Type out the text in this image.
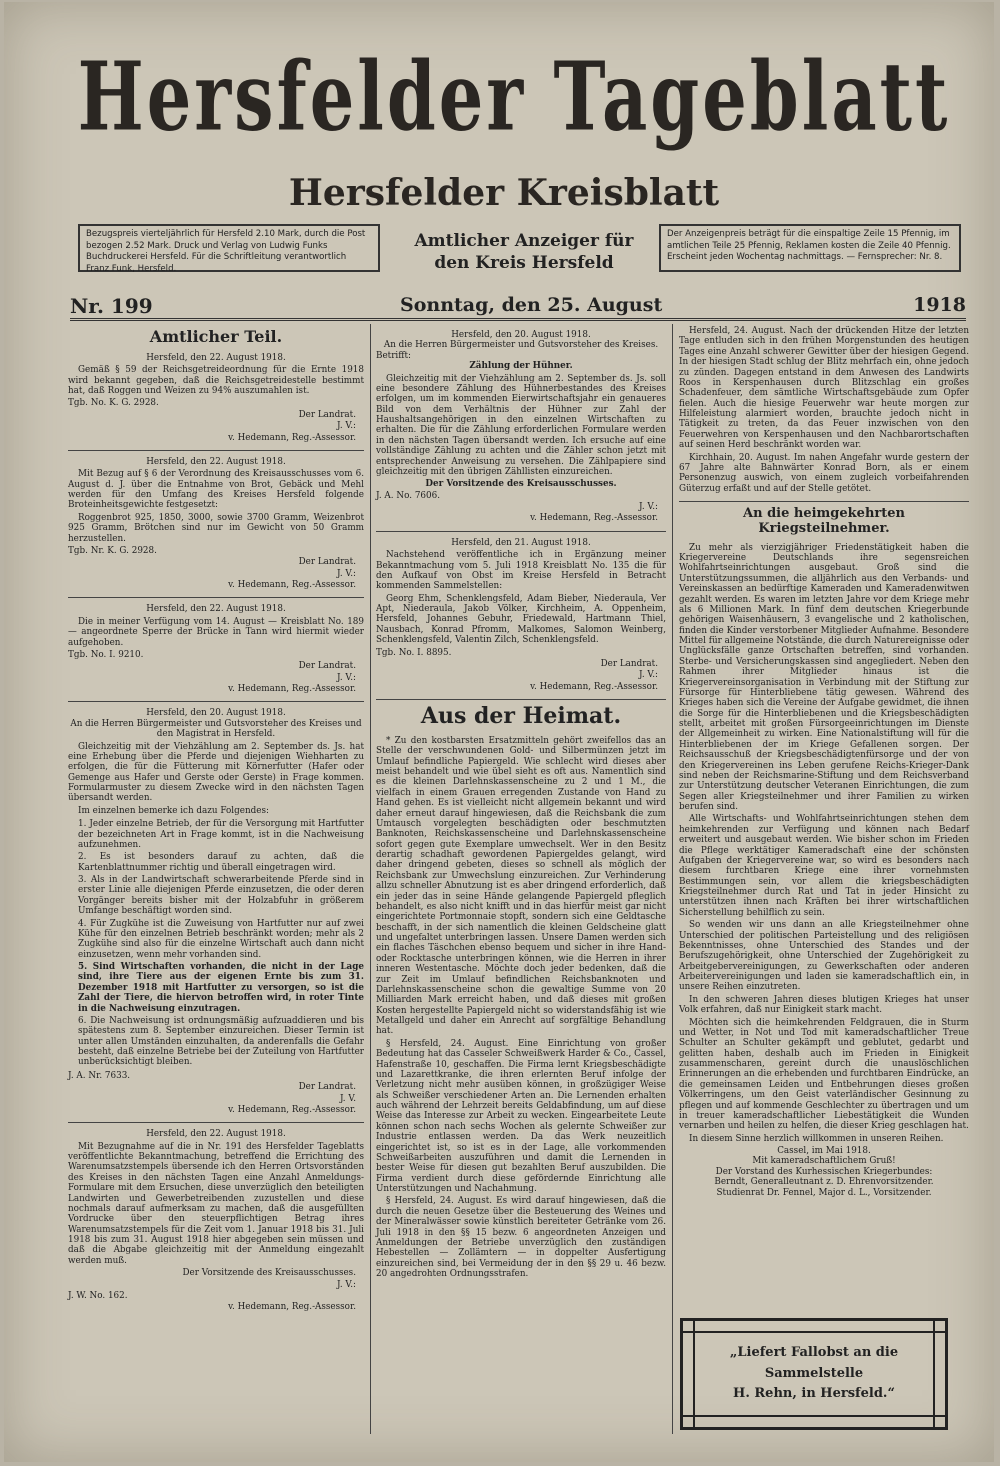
Hersfelder Tageblatt
Hersfelder Kreisblatt
Bezugspreis vierteljährlich für Hersfeld 2.10 Mark, durch die Post bezogen 2.52 Mark. Druck und Verlag von Ludwig Funks Buchdruckerei Hersfeld. Für die Schriftleitung verantwortlich Franz Funk, Hersfeld.
Amtlicher Anzeiger für den Kreis Hersfeld
Der Anzeigenpreis beträgt für die einspaltige Zeile 15 Pfennig, im amtlichen Teile 25 Pfennig, Reklamen kosten die Zeile 40 Pfennig. Erscheint jeden Wochentag nachmittags. — Fernsprecher: Nr. 8.
Nr. 199	Sonntag, den 25. August	1918
Amtlicher Teil.
Hersfeld, den 22. August 1918.
Gemäß § 59 der Reichsgetreideordnung für die Ernte 1918 wird bekannt gegeben, daß die Reichsgetreidestelle bestimmt hat, daß Roggen und Weizen zu 94% auszumahlen ist.
Tgb. No. K. G. 2928.
Der Landrat.
J. V.:
v. Hedemann, Reg.-Assessor.
Hersfeld, den 22. August 1918.
Mit Bezug auf § 6 der Verordnung des Kreisausschusses vom 6. August d. J. über die Entnahme von Brot, Gebäck und Mehl werden für den Umfang des Kreises Hersfeld folgende Broteinheitsgewichte festgesetzt:
Roggenbrot 925, 1850, 3000, sowie 3700 Gramm, Weizenbrot 925 Gramm, Brötchen sind nur im Gewicht von 50 Gramm herzustellen.
Tgb. Nr. K. G. 2928.
Der Landrat.
J. V.:
v. Hedemann, Reg.-Assessor.
Hersfeld, den 22. August 1918.
Die in meiner Verfügung vom 14. August — Kreisblatt No. 189 — angeordnete Sperre der Brücke in Tann wird hiermit wieder aufgehoben.
Tgb. No. I. 9210.
Der Landrat.
J. V.:
v. Hedemann, Reg.-Assessor.
Hersfeld, den 20. August 1918.
An die Herren Bürgermeister und Gutsvorsteher des Kreises und den Magistrat in Hersfeld.
Gleichzeitig mit der Viehzählung am 2. September ds. Js. hat eine Erhebung über die Pferde und diejenigen Wiehharten zu erfolgen, die für die Fütterung mit Körnerfutter (Hafer oder Gemenge aus Hafer und Gerste oder Gerste) in Frage kommen. Formularmuster zu diesem Zwecke wird in den nächsten Tagen übersandt werden.
Im einzelnen bemerke ich dazu Folgendes:
1. Jeder einzelne Betrieb, der für die Versorgung mit Hartfutter der bezeichneten Art in Frage kommt, ist in die Nachweisung aufzunehmen.
2. Es ist besonders darauf zu achten, daß die Kartenblattnummer richtig und überall eingetragen wird.
3. Als in der Landwirtschaft schwerarbeitende Pferde sind in erster Linie alle diejenigen Pferde einzusetzen, die oder deren Vorgänger bereits bisher mit der Holzabfuhr in größerem Umfange beschäftigt worden sind.
4. Für Zugkühe ist die Zuweisung von Hartfutter nur auf zwei Kühe für den einzelnen Betrieb beschränkt worden; mehr als 2 Zugkühe sind also für die einzelne Wirtschaft auch dann nicht einzusetzen, wenn mehr vorhanden sind.
5. Sind Wirtschaften vorhanden, die nicht in der Lage sind, ihre Tiere aus der eigenen Ernte bis zum 31. Dezember 1918 mit Hartfutter zu versorgen, so ist die Zahl der Tiere, die hiervon betroffen wird, in roter Tinte in die Nachweisung einzutragen.
6. Die Nachweisung ist ordnungsmäßig aufzuaddieren und bis spätestens zum 8. September einzureichen. Dieser Termin ist unter allen Umständen einzuhalten, da anderenfalls die Gefahr besteht, daß einzelne Betriebe bei der Zuteilung von Hartfutter unberücksichtigt bleiben.
J. A. Nr. 7633.
Der Landrat.
J. V.
v. Hedemann, Reg.-Assessor.
Hersfeld, den 22. August 1918.
Mit Bezugnahme auf die in Nr. 191 des Hersfelder Tageblatts veröffentlichte Bekanntmachung, betreffend die Errichtung des Warenumsatzstempels übersende ich den Herren Ortsvorständen des Kreises in den nächsten Tagen eine Anzahl Anmeldungs-Formulare mit dem Ersuchen, diese unverzüglich den beteiligten Landwirten und Gewerbetreibenden zuzustellen und diese nochmals darauf aufmerksam zu machen, daß die ausgefüllten Vordrucke über den steuerpflichtigen Betrag ihres Warenumsatzstempels für die Zeit vom 1. Januar 1918 bis 31. Juli 1918 bis zum 31. August 1918 hier abgegeben sein müssen und daß die Abgabe gleichzeitig mit der Anmeldung eingezahlt werden muß.
Der Vorsitzende des Kreisausschusses.
J. V.:
J. W. No. 162.
v. Hedemann, Reg.-Assessor.
Hersfeld, den 20. August 1918.
An die Herren Bürgermeister und Gutsvorsteher des Kreises.
Betrifft:
Zählung der Hühner.
Gleichzeitig mit der Viehzählung am 2. September ds. Js. soll eine besondere Zählung des Hühnerbestandes des Kreises erfolgen, um im kommenden Eierwirtschaftsjahr ein genaueres Bild von dem Verhältnis der Hühner zur Zahl der Haushaltsangehörigen in den einzelnen Wirtschaften zu erhalten. Die für die Zählung erforderlichen Formulare werden in den nächsten Tagen übersandt werden. Ich ersuche auf eine vollständige Zählung zu achten und die Zähler schon jetzt mit entsprechender Anweisung zu versehen. Die Zählpapiere sind gleichzeitig mit den übrigen Zähllisten einzureichen.
Der Vorsitzende des Kreisausschusses.
J. A. No. 7606.
J. V.:
v. Hedemann, Reg.-Assessor.
Hersfeld, den 21. August 1918.
Nachstehend veröffentliche ich in Ergänzung meiner Bekanntmachung vom 5. Juli 1918 Kreisblatt No. 135 die für den Aufkauf von Obst im Kreise Hersfeld in Betracht kommenden Sammelstellen:
Georg Ehm, Schenklengsfeld, Adam Bieber, Niederaula, Ver Apt, Niederaula, Jakob Völker, Kirchheim, A. Oppenheim, Hersfeld, Johannes Gebuhr, Friedewald, Hartmann Thiel, Nausbach, Konrad Pfromm, Malkomes, Salomon Weinberg, Schenklengsfeld, Valentin Zilch, Schenklengsfeld.
Tgb. No. I. 8895.
Der Landrat.
J. V.:
v. Hedemann, Reg.-Assessor.
Aus der Heimat.
* Zu den kostbarsten Ersatzmitteln gehört zweifellos das an Stelle der verschwundenen Gold- und Silbermünzen jetzt im Umlauf befindliche Papiergeld. Wie schlecht wird dieses aber meist behandelt und wie übel sieht es oft aus. Namentlich sind es die kleinen Darlehnskassenscheine zu 2 und 1 M., die vielfach in einem Grauen erregenden Zustande von Hand zu Hand gehen. Es ist vielleicht nicht allgemein bekannt und wird daher erneut darauf hingewiesen, daß die Reichsbank die zum Umtausch vorgelegten beschädigten oder beschmutzten Banknoten, Reichskassenscheine und Darlehnskassenscheine sofort gegen gute Exemplare umwechselt. Wer in den Besitz derartig schadhaft gewordenen Papiergeldes gelangt, wird daher dringend gebeten, dieses so schnell als möglich der Reichsbank zur Umwechslung einzureichen. Zur Verhinderung allzu schneller Abnutzung ist es aber dringend erforderlich, daß ein jeder das in seine Hände gelangende Papiergeld pfleglich behandelt, es also nicht knifft und in das hierfür meist gar nicht eingerichtete Portmonnaie stopft, sondern sich eine Geldtasche beschafft, in der sich namentlich die kleinen Geldscheine glatt und ungefaltet unterbringen lassen. Unsere Damen werden sich ein flaches Täschchen ebenso bequem und sicher in ihre Hand- oder Rocktasche unterbringen können, wie die Herren in ihrer inneren Westentasche. Möchte doch jeder bedenken, daß die zur Zeit im Umlauf befindlichen Reichsbanknoten und Darlehnskassenscheine schon die gewaltige Summe von 20 Milliarden Mark erreicht haben, und daß dieses mit großen Kosten hergestellte Papiergeld nicht so widerstandsfähig ist wie Metallgeld und daher ein Anrecht auf sorgfältige Behandlung hat.
§ Hersfeld, 24. August. Eine Einrichtung von großer Bedeutung hat das Casseler Schweißwerk Harder & Co., Cassel, Hafenstraße 10, geschaffen. Die Firma lernt Kriegsbeschädigte und Lazarettkranke, die ihren erlernten Beruf infolge der Verletzung nicht mehr ausüben können, in großzügiger Weise als Schweißer verschiedener Arten an. Die Lernenden erhalten auch während der Lehrzeit bereits Geldabfindung, um auf diese Weise das Interesse zur Arbeit zu wecken. Eingearbeitete Leute können schon nach sechs Wochen als gelernte Schweißer zur Industrie entlassen werden. Da das Werk neuzeitlich eingerichtet ist, so ist es in der Lage, alle vorkommenden Schweißarbeiten auszuführen und damit die Lernenden in bester Weise für diesen gut bezahlten Beruf auszubilden. Die Firma verdient durch diese gefördernde Einrichtung alle Unterstützungen und Nachahmung.
§ Hersfeld, 24. August. Es wird darauf hingewiesen, daß die durch die neuen Gesetze über die Besteuerung des Weines und der Mineralwässer sowie künstlich bereiteter Getränke vom 26. Juli 1918 in den §§ 15 bezw. 6 angeordneten Anzeigen und Anmeldungen der Betriebe unverzüglich den zuständigen Hebestellen — Zollämtern — in doppelter Ausfertigung einzureichen sind, bei Vermeidung der in den §§ 29 u. 46 bezw. 20 angedrohten Ordnungsstrafen.
Hersfeld, 24. August. Nach der drückenden Hitze der letzten Tage entluden sich in den frühen Morgenstunden des heutigen Tages eine Anzahl schwerer Gewitter über der hiesigen Gegend. In der hiesigen Stadt schlug der Blitz mehrfach ein, ohne jedoch zu zünden. Dagegen entstand in dem Anwesen des Landwirts Roos in Kerspenhausen durch Blitzschlag ein großes Schadenfeuer, dem sämtliche Wirtschaftsgebäude zum Opfer fielen. Auch die hiesige Feuerwehr war heute morgen zur Hilfeleistung alarmiert worden, brauchte jedoch nicht in Tätigkeit zu treten, da das Feuer inzwischen von den Feuerwehren von Kerspenhausen und den Nachbarortschaften auf seinen Herd beschränkt worden war.
Kirchhain, 20. August. Im nahen Angefahr wurde gestern der 67 Jahre alte Bahnwärter Konrad Born, als er einem Personenzug auswich, von einem zugleich vorbeifahrenden Güterzug erfaßt und auf der Stelle getötet.
An die heimgekehrten Kriegsteilnehmer.
Zu mehr als vierzigjähriger Friedenstätigkeit haben die Kriegervereine Deutschlands ihre segensreichen Wohlfahrtseinrichtungen ausgebaut. Groß sind die Unterstützungssummen, die alljährlich aus den Verbands- und Vereinskassen an bedürftige Kameraden und Kameradenwitwen gezahlt werden. Es waren im letzten Jahre vor dem Kriege mehr als 6 Millionen Mark. In fünf dem deutschen Kriegerbunde gehörigen Waisenhäusern, 3 evangelische und 2 katholischen, finden die Kinder verstorbener Mitglieder Aufnahme. Besondere Mittel für allgemeine Notstände, die durch Naturereignisse oder Unglücksfälle ganze Ortschaften betreffen, sind vorhanden. Sterbe- und Versicherungskassen sind angegliedert. Neben den Rahmen ihrer Mitglieder hinaus ist die Kriegervereinsorganisation in Verbindung mit der Stiftung zur Fürsorge für Hinterbliebene tätig gewesen. Während des Krieges haben sich die Vereine der Aufgabe gewidmet, die ihnen die Sorge für die Hinterbliebenen und die Kriegsbeschädigten stellt, arbeitet mit großen Fürsorgeeinrichtungen im Dienste der Allgemeinheit zu wirken. Eine Nationalstiftung will für die Hinterbliebenen der im Kriege Gefallenen sorgen. Der Reichsausschuß der Kriegsbeschädigtenfürsorge und der von den Kriegervereinen ins Leben gerufene Reichs-Krieger-Dank sind neben der Reichsmarine-Stiftung und dem Reichsverband zur Unterstützung deutscher Veteranen Einrichtungen, die zum Segen aller Kriegsteilnehmer und ihrer Familien zu wirken berufen sind.
Alle Wirtschafts- und Wohlfahrtseinrichtungen stehen dem heimkehrenden zur Verfügung und können nach Bedarf erweitert und ausgebaut werden. Wie bisher schon im Frieden die Pflege werktätiger Kameradschaft eine der schönsten Aufgaben der Kriegervereine war, so wird es besonders nach diesem furchtbaren Kriege eine ihrer vornehmsten Bestimmungen sein, vor allem die kriegsbeschädigten Kriegsteilnehmer durch Rat und Tat in jeder Hinsicht zu unterstützen ihnen nach Kräften bei ihrer wirtschaftlichen Sicherstellung behilflich zu sein.
So wenden wir uns dann an alle Kriegsteilnehmer ohne Unterschied der politischen Parteistellung und des religiösen Bekenntnisses, ohne Unterschied des Standes und der Berufszugehörigkeit, ohne Unterschied der Zugehörigkeit zu Arbeitgebervereinigungen, zu Gewerkschaften oder anderen Arbeitervereinigungen und laden sie kameradschaftlich ein, in unsere Reihen einzutreten.
In den schweren Jahren dieses blutigen Krieges hat unser Volk erfahren, daß nur Einigkeit stark macht.
Möchten sich die heimkehrenden Feldgrauen, die in Sturm und Wetter, in Not und Tod mit kameradschaftlicher Treue Schulter an Schulter gekämpft und geblutet, gedarbt und gelitten haben, deshalb auch im Frieden in Einigkeit zusammenscharen, gereint durch die unauslöschlichen Erinnerungen an die erhebenden und furchtbaren Eindrücke, an die gemeinsamen Leiden und Entbehrungen dieses großen Völkerringens, um den Geist vaterländischer Gesinnung zu pflegen und auf kommende Geschlechter zu übertragen und um in treuer kameradschaftlicher Liebestätigkeit die Wunden vernarben und heilen zu helfen, die dieser Krieg geschlagen hat.
In diesem Sinne herzlich willkommen in unseren Reihen.
Cassel, im Mai 1918.
Mit kameradschaftlichem Gruß!
Der Vorstand des Kurhessischen Kriegerbundes:
Berndt, Generalleutnant z. D. Ehrenvorsitzender.
Studienrat Dr. Fennel, Major d. L., Vorsitzender.
„Liefert Fallobst an die
Sammelstelle
H. Rehn, in Hersfeld.“
